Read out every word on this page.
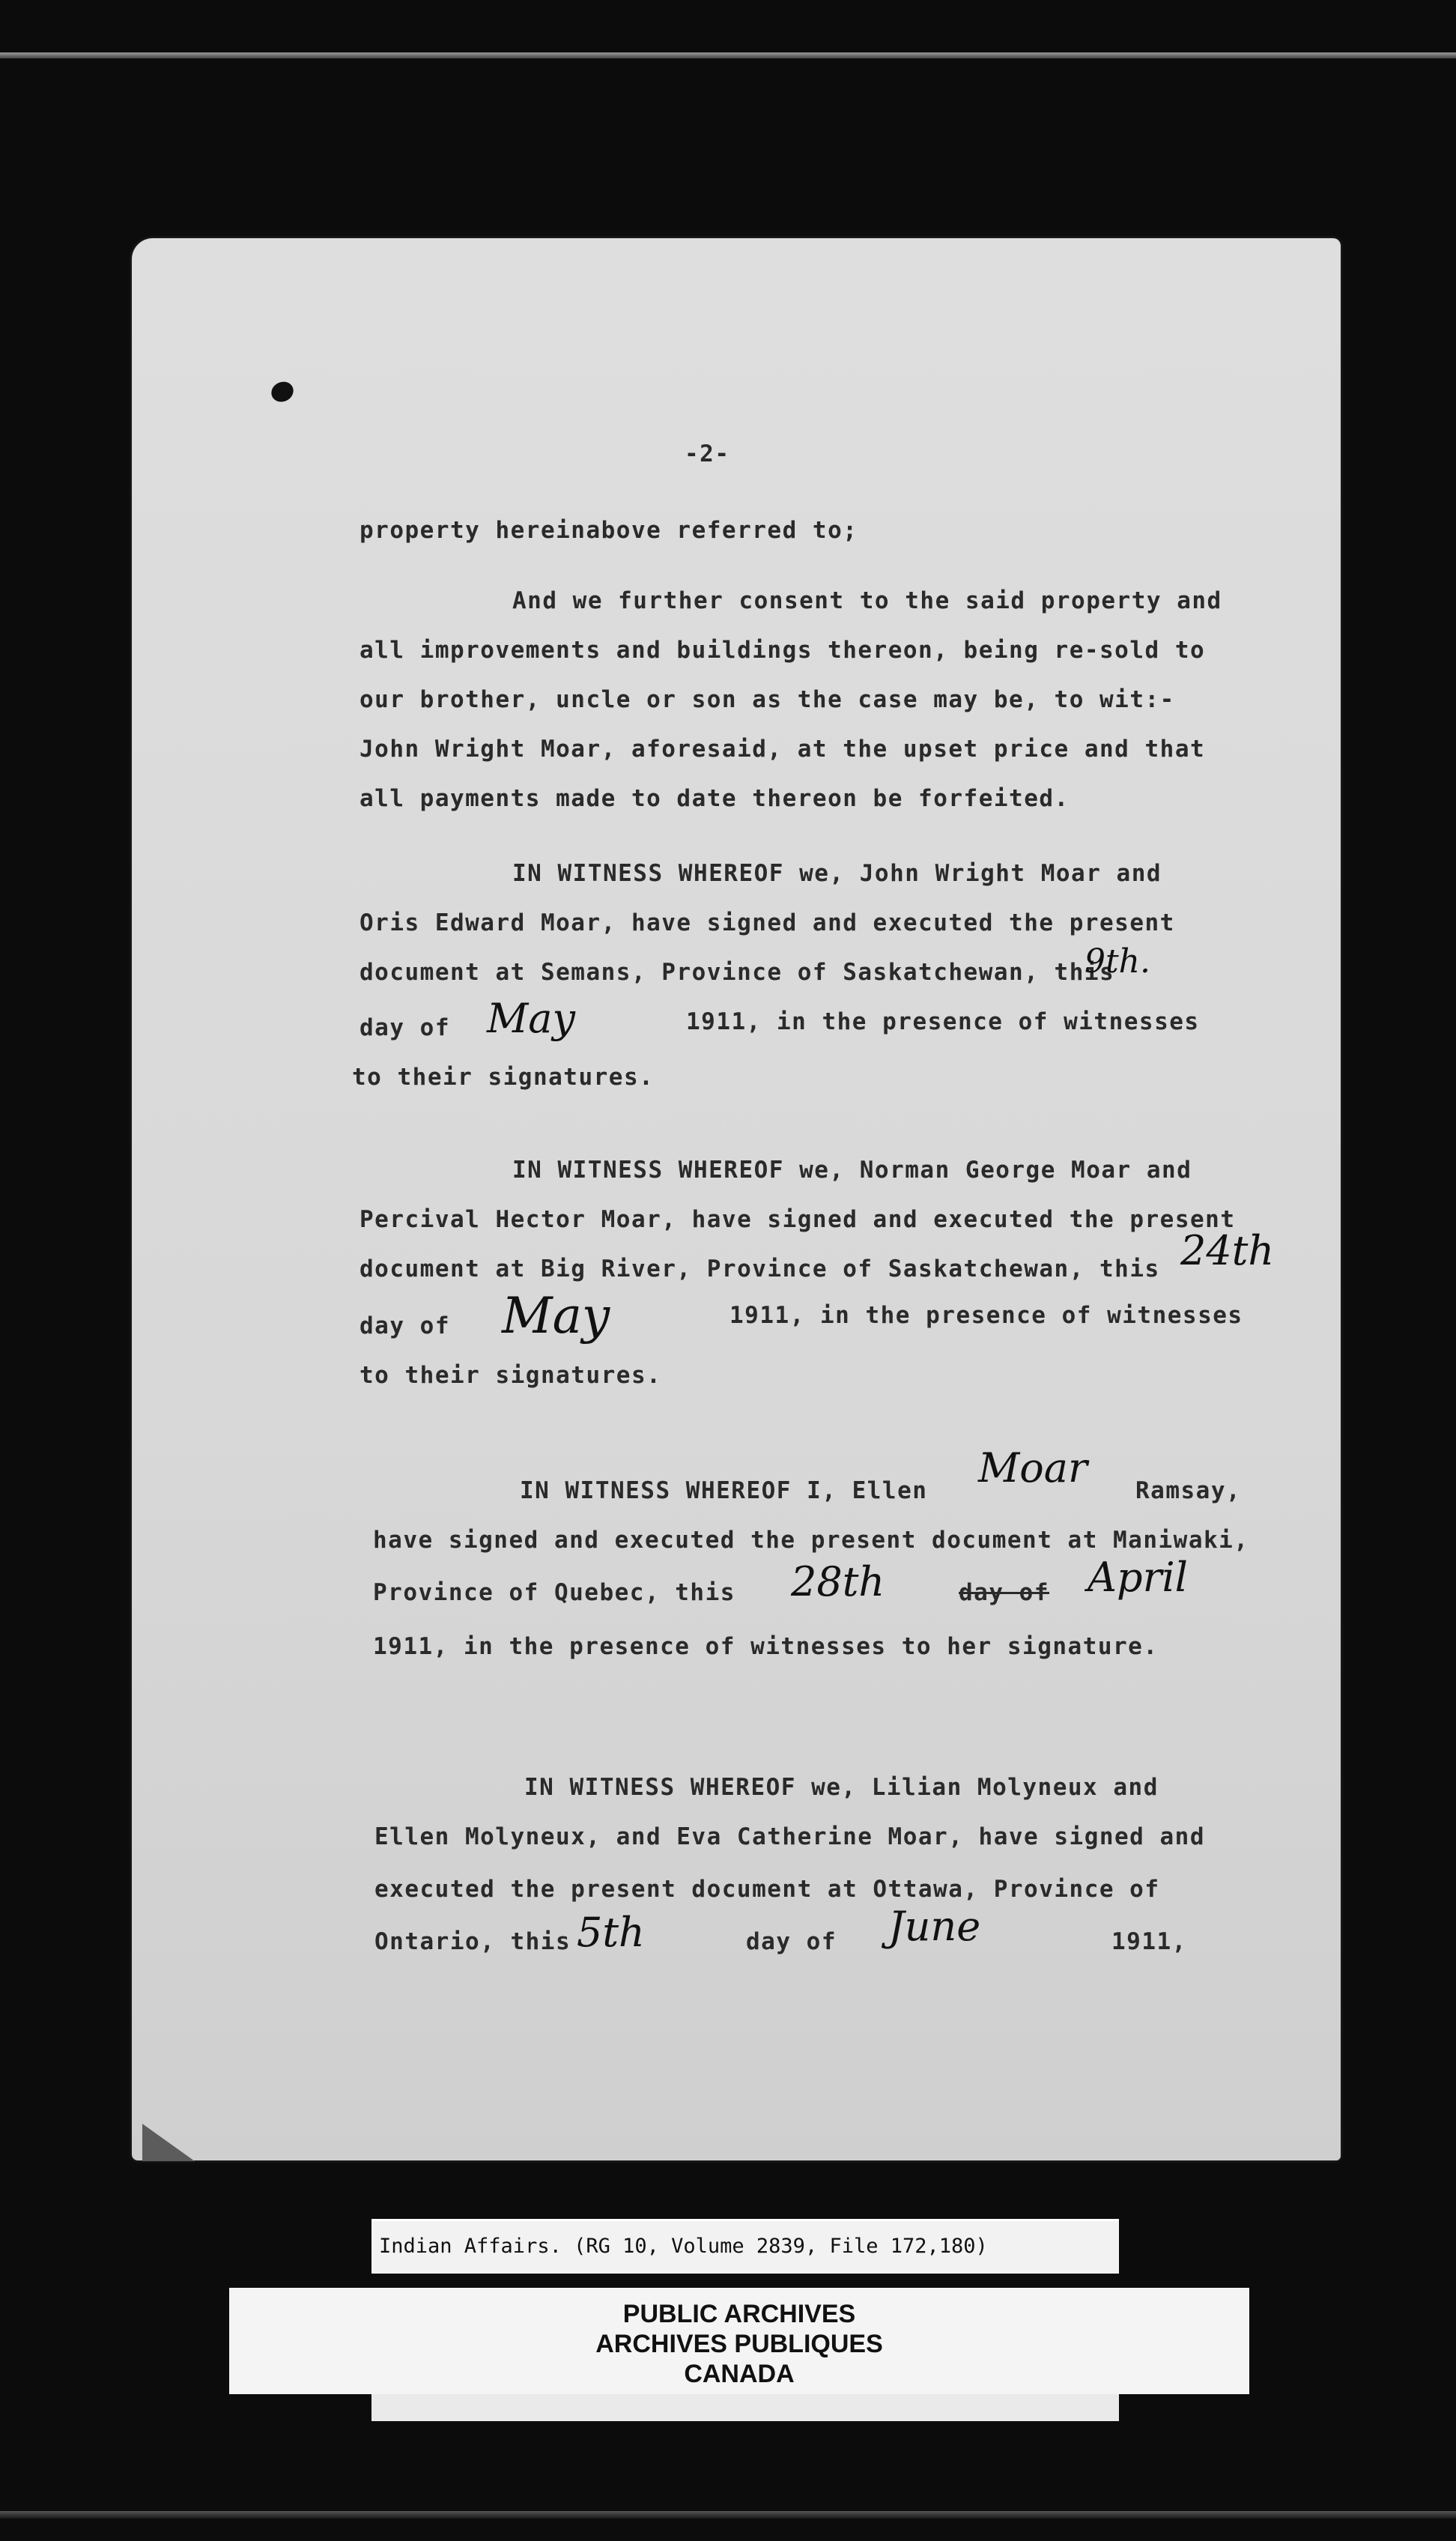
-2-

property hereinabove referred to;

And we further consent to the said property and

all improvements and buildings thereon, being re-sold to

our brother, uncle or son as the case may be, to wit:-

John Wright Moar, aforesaid, at the upset price and that

all payments made to date thereon be forfeited.

IN WITNESS WHEREOF we, John Wright Moar and

Oris Edward Moar, have signed and executed the present

document at Semans, Province of Saskatchewan, this

9th.

day of May	1911, in the presence of witnesses

to their signatures.

IN WITNESS WHEREOF we, Norman George Moar and

Percival Hector Moar, have signed and executed the present

document at Big River, Province of Saskatchewan, this 24th

day of May	1911, in the presence of witnesses

to their signatures.

IN WITNESS WHEREOF I, Ellen Moar Ramsay,

have signed and executed the present document at Maniwaki,

Province of Quebec, this 28th	day of April

1911, in the presence of witnesses to her signature.

IN WITNESS WHEREOF we, Lilian Molyneux and

Ellen Molyneux, and Eva Catherine Moar, have signed and

executed the present document at Ottawa, Province of

Ontario, this 5th	day of June	1911,

Indian Affairs. (RG 10, Volume 2839, File 172,180)

PUBLIC ARCHIVES

ARCHIVES PUBLIQUES

CANADA
